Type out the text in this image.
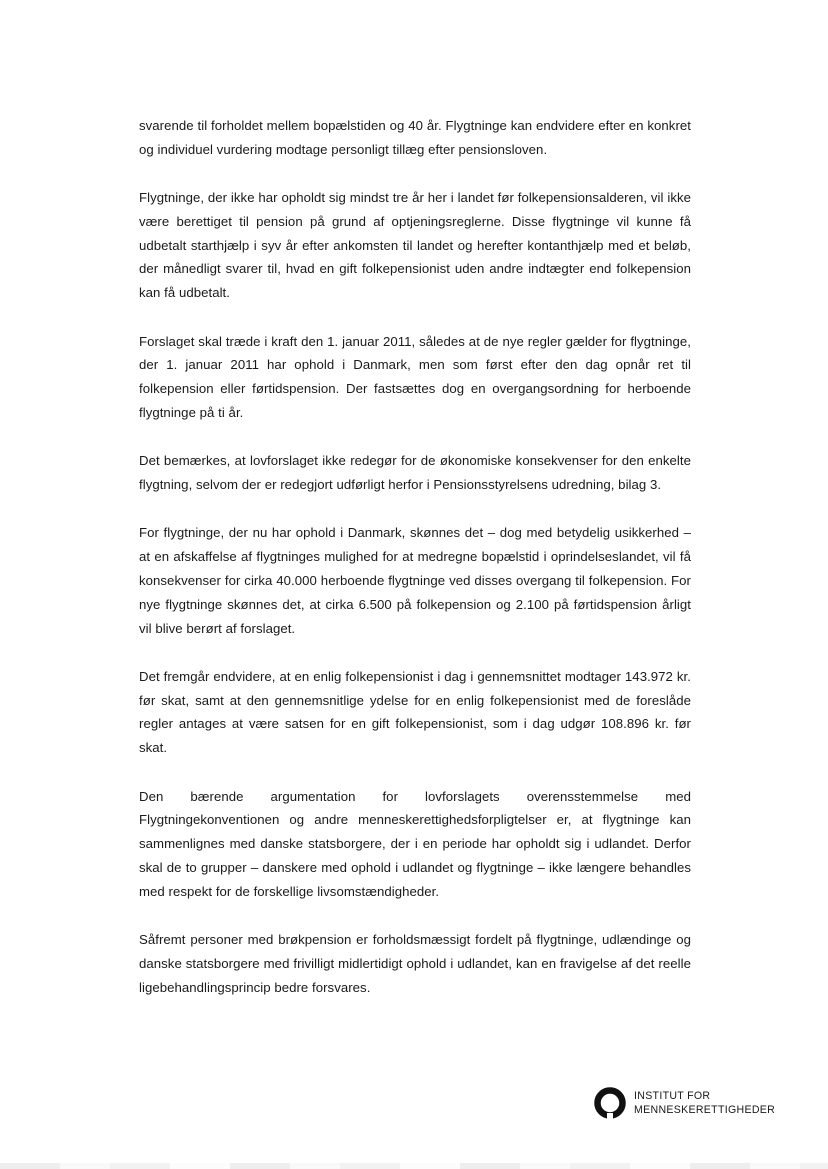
svarende til forholdet mellem bopælstiden og 40 år. Flygtninge kan endvidere efter en konkret og individuel vurdering modtage personligt tillæg efter pensionsloven.

Flygtninge, der ikke har opholdt sig mindst tre år her i landet før folkepensionsalderen, vil ikke være berettiget til pension på grund af optjeningsreglerne. Disse flygtninge vil kunne få udbetalt starthjælp i syv år efter ankomsten til landet og herefter kontanthjælp med et beløb, der månedligt svarer til, hvad en gift folkepensionist uden andre indtægter end folkepension kan få udbetalt.

Forslaget skal træde i kraft den 1. januar 2011, således at de nye regler gælder for flygtninge, der 1. januar 2011 har ophold i Danmark, men som først efter den dag opnår ret til folkepension eller førtidspension. Der fastsættes dog en overgangsordning for herboende flygtninge på ti år.

Det bemærkes, at lovforslaget ikke redegør for de økonomiske konsekvenser for den enkelte flygtning, selvom der er redegjort udførligt herfor i Pensionsstyrelsens udredning, bilag 3.

For flygtninge, der nu har ophold i Danmark, skønnes det – dog med betydelig usikkerhed – at en afskaffelse af flygtninges mulighed for at medregne bopælstid i oprindelseslandet, vil få konsekvenser for cirka 40.000 herboende flygtninge ved disses overgang til folkepension. For nye flygtninge skønnes det, at cirka 6.500 på folkepension og 2.100 på førtidspension årligt vil blive berørt af forslaget.

Det fremgår endvidere, at en enlig folkepensionist i dag i gennemsnittet modtager 143.972 kr. før skat, samt at den gennemsnitlige ydelse for en enlig folkepensionist med de foreslåde regler antages at være satsen for en gift folkepensionist, som i dag udgør 108.896 kr. før skat.

Den bærende argumentation for lovforslagets overensstemmelse med Flygtningekonventionen og andre menneskerettighedsforpligtelser er, at flygtninge kan sammenlignes med danske statsborgere, der i en periode har opholdt sig i udlandet. Derfor skal de to grupper – danskere med ophold i udlandet og flygtninge – ikke længere behandles med respekt for de forskellige livsomstændigheder.

Såfremt personer med brøkpension er forholdsmæssigt fordelt på flygtninge, udlændinge og danske statsborgere med frivilligt midlertidigt ophold i udlandet, kan en fravigelse af det reelle ligebehandlingsprincip bedre forsvares.

INSTITUT FOR
MENNESKERETTIGHEDER
